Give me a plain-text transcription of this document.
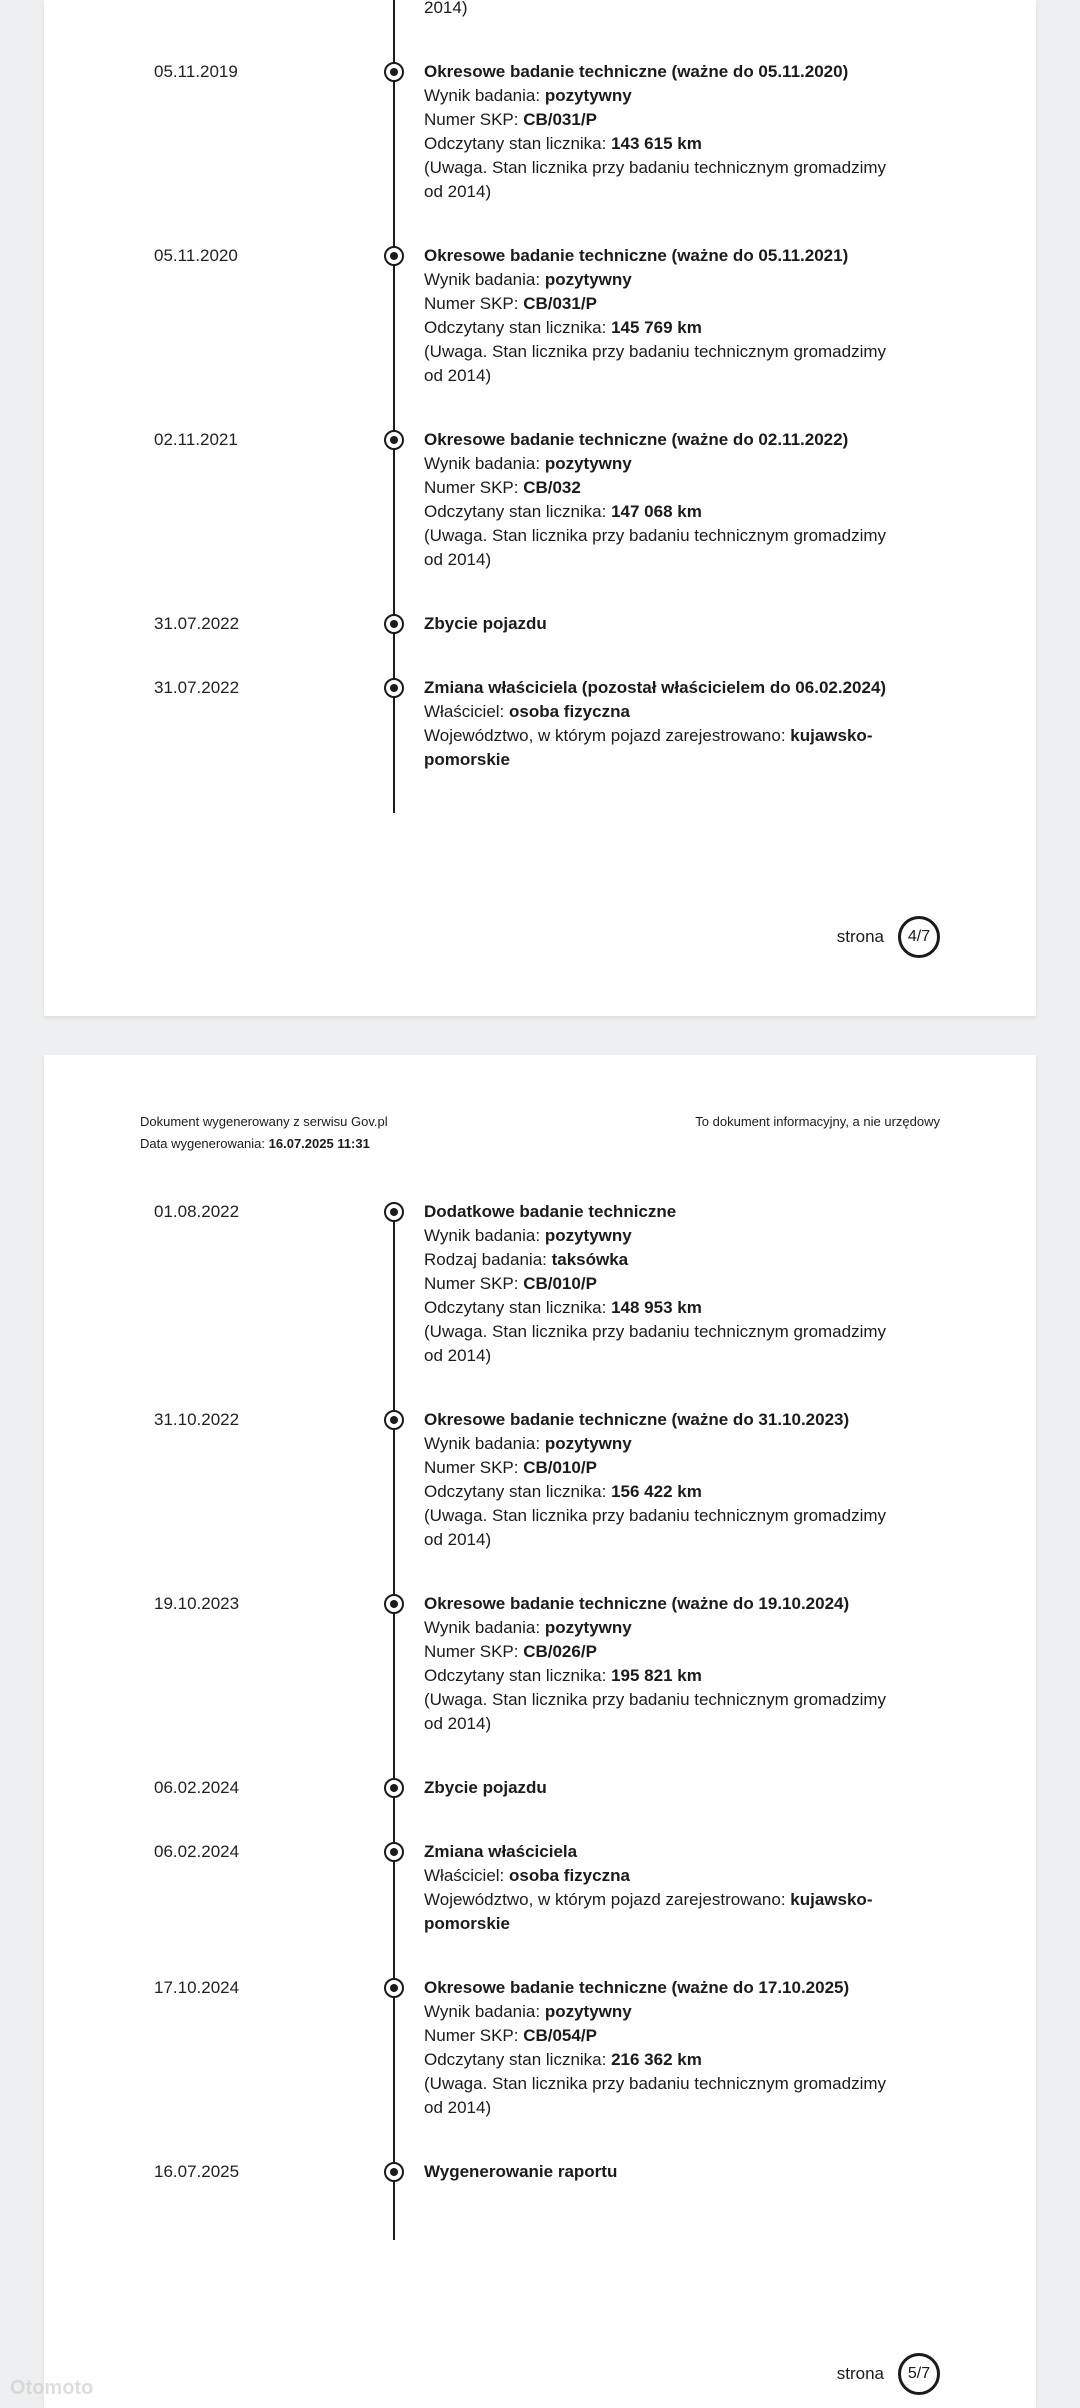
2014)
05.11.2019	Okresowe badanie techniczne (ważne do 05.11.2020)
Wynik badania: pozytywny
Numer SKP: CB/031/P
Odczytany stan licznika: 143 615 km
(Uwaga. Stan licznika przy badaniu technicznym gromadzimy od 2014)
05.11.2020	Okresowe badanie techniczne (ważne do 05.11.2021)
Wynik badania: pozytywny
Numer SKP: CB/031/P
Odczytany stan licznika: 145 769 km
(Uwaga. Stan licznika przy badaniu technicznym gromadzimy od 2014)
02.11.2021	Okresowe badanie techniczne (ważne do 02.11.2022)
Wynik badania: pozytywny
Numer SKP: CB/032
Odczytany stan licznika: 147 068 km
(Uwaga. Stan licznika przy badaniu technicznym gromadzimy od 2014)
31.07.2022	Zbycie pojazdu
31.07.2022	Zmiana właściciela (pozostał właścicielem do 06.02.2024)
Właściciel: osoba fizyczna
Województwo, w którym pojazd zarejestrowano: kujawsko-pomorskie
strona	4/7
Dokument wygenerowany z serwisu Gov.pl
Data wygenerowania: 16.07.2025 11:31
To dokument informacyjny, a nie urzędowy
01.08.2022	Dodatkowe badanie techniczne
Wynik badania: pozytywny
Rodzaj badania: taksówka
Numer SKP: CB/010/P
Odczytany stan licznika: 148 953 km
(Uwaga. Stan licznika przy badaniu technicznym gromadzimy od 2014)
31.10.2022	Okresowe badanie techniczne (ważne do 31.10.2023)
Wynik badania: pozytywny
Numer SKP: CB/010/P
Odczytany stan licznika: 156 422 km
(Uwaga. Stan licznika przy badaniu technicznym gromadzimy od 2014)
19.10.2023	Okresowe badanie techniczne (ważne do 19.10.2024)
Wynik badania: pozytywny
Numer SKP: CB/026/P
Odczytany stan licznika: 195 821 km
(Uwaga. Stan licznika przy badaniu technicznym gromadzimy od 2014)
06.02.2024	Zbycie pojazdu
06.02.2024	Zmiana właściciela
Właściciel: osoba fizyczna
Województwo, w którym pojazd zarejestrowano: kujawsko-pomorskie
17.10.2024	Okresowe badanie techniczne (ważne do 17.10.2025)
Wynik badania: pozytywny
Numer SKP: CB/054/P
Odczytany stan licznika: 216 362 km
(Uwaga. Stan licznika przy badaniu technicznym gromadzimy od 2014)
16.07.2025	Wygenerowanie raportu
strona	5/7
Otomoto
